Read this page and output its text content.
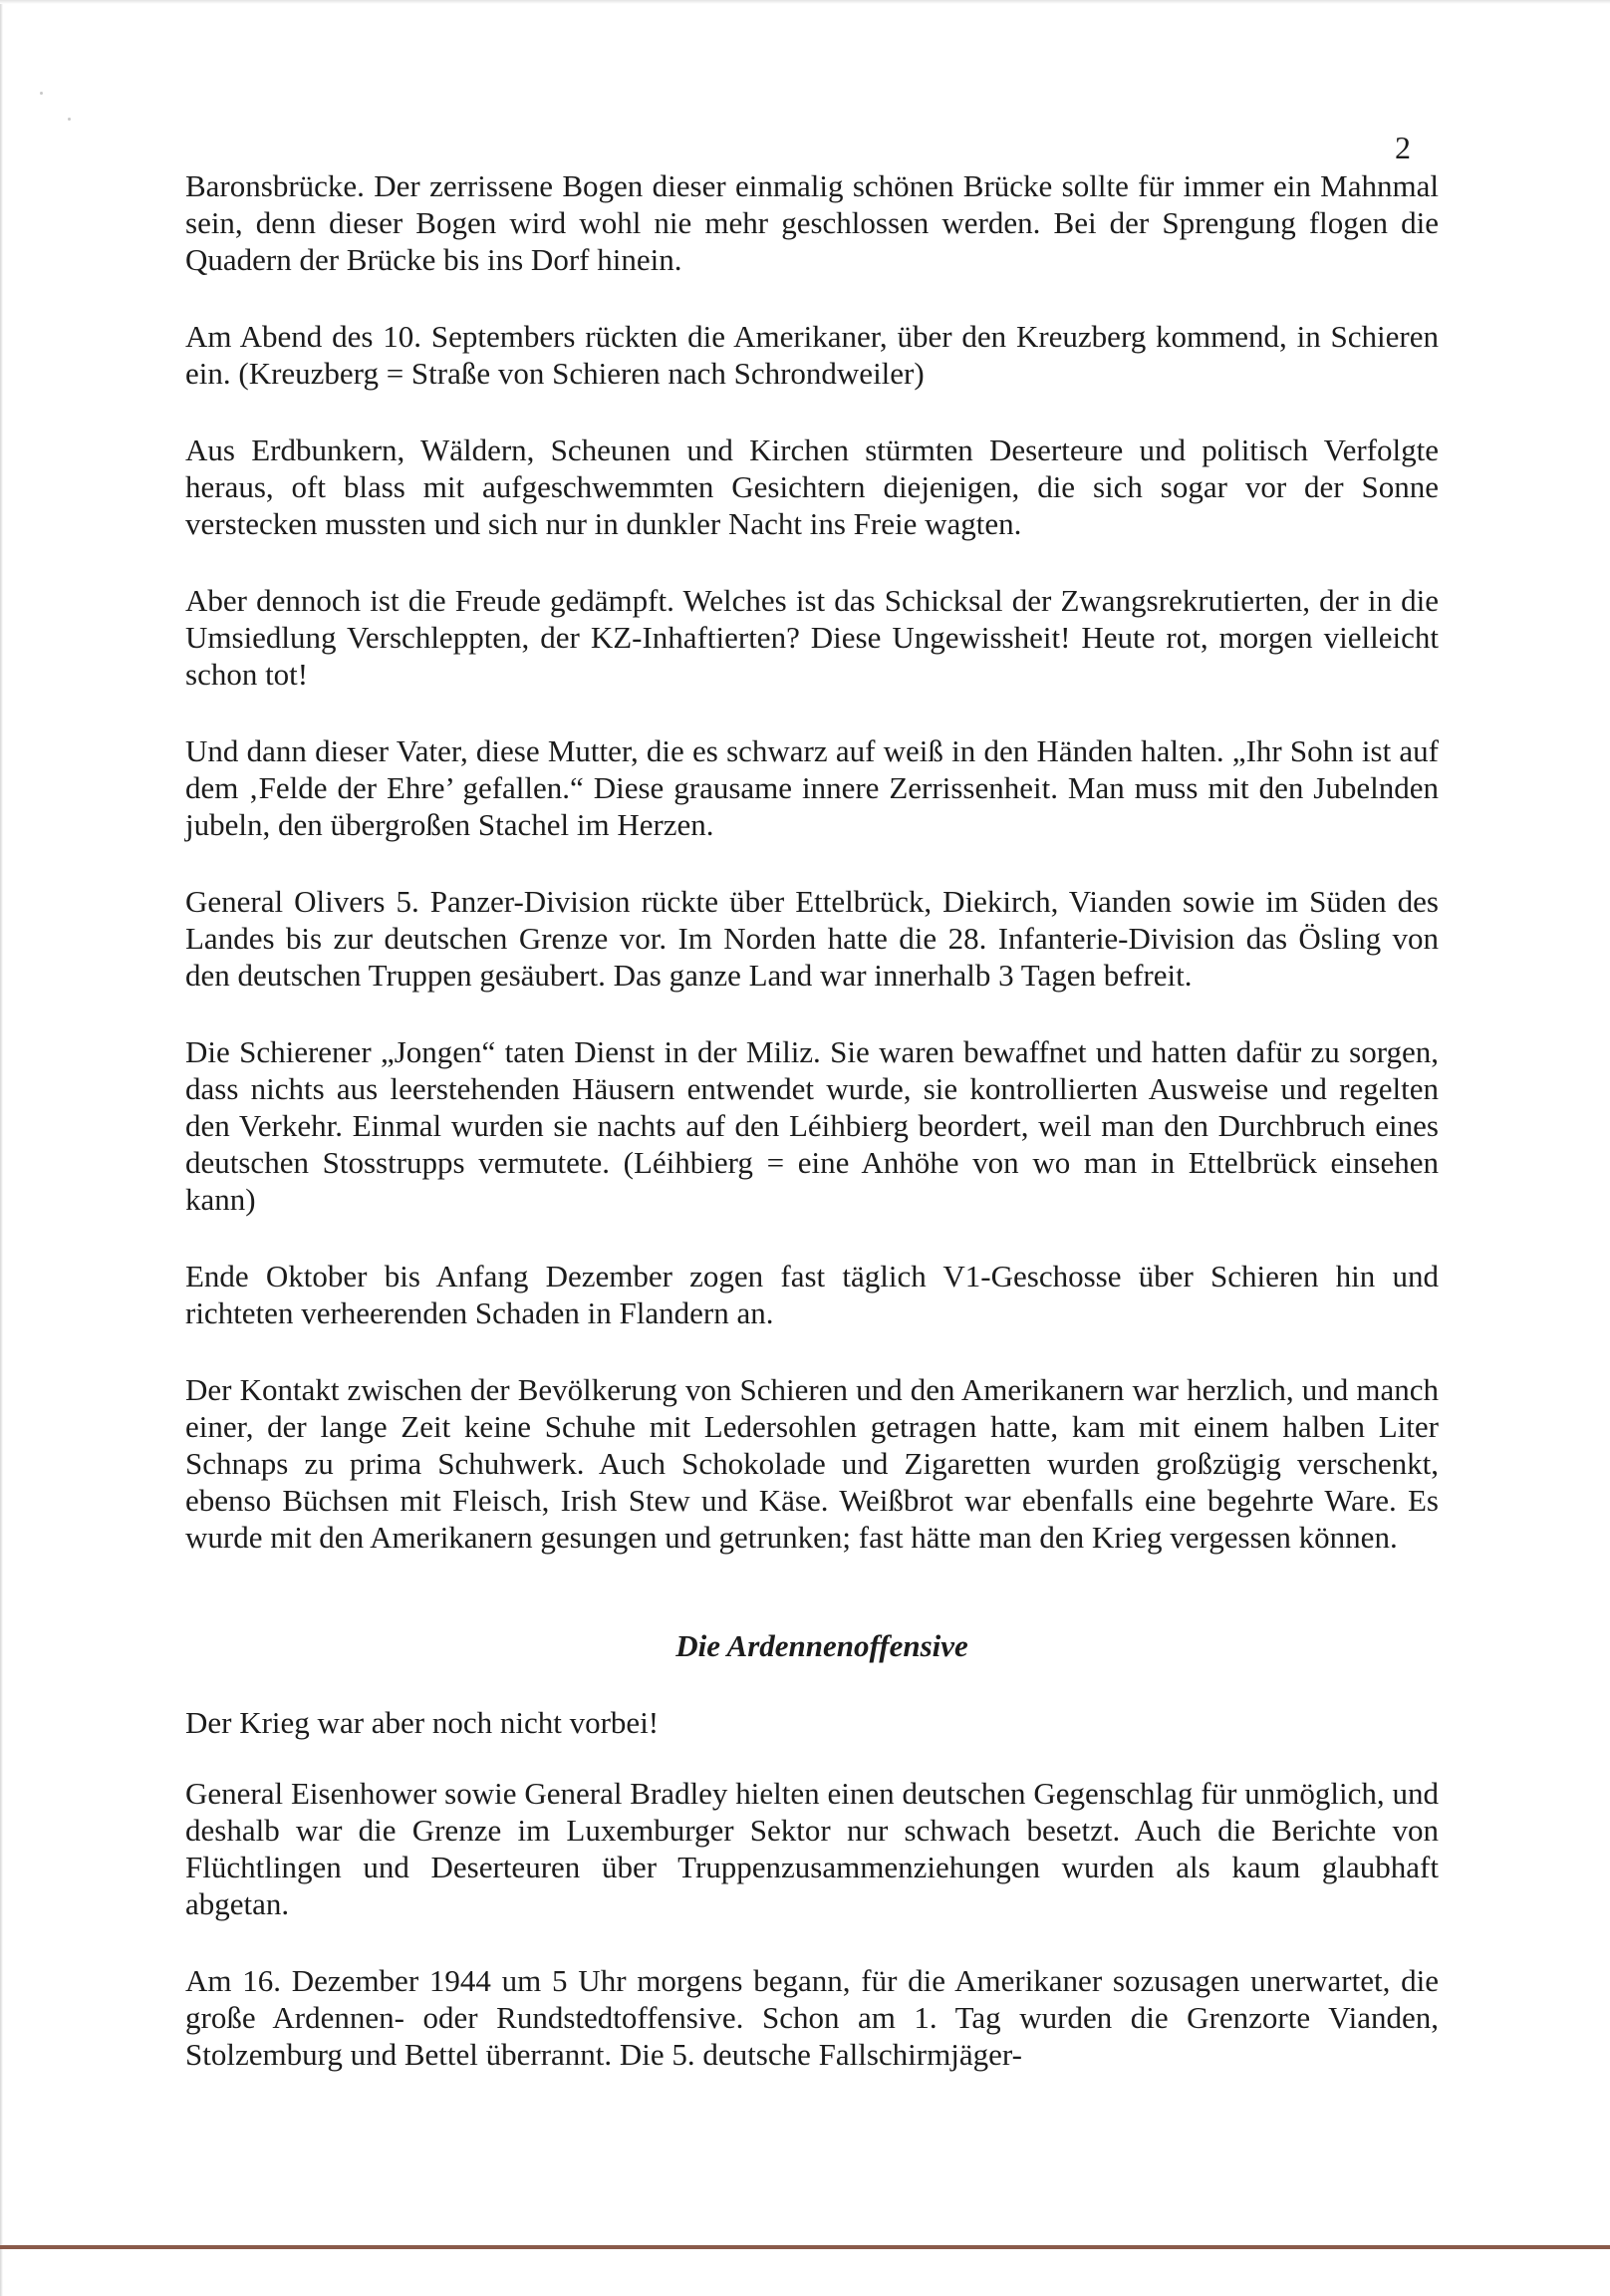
2

Baronsbrücke. Der zerrissene Bogen dieser einmalig schönen Brücke sollte für immer ein Mahnmal sein, denn dieser Bogen wird wohl nie mehr geschlossen werden. Bei der Sprengung flogen die Quadern der Brücke bis ins Dorf hinein.

Am Abend des 10. Septembers rückten die Amerikaner, über den Kreuzberg kommend, in Schieren ein. (Kreuzberg = Straße von Schieren nach Schrondweiler)

Aus Erdbunkern, Wäldern, Scheunen und Kirchen stürmten Deserteure und politisch Verfolgte heraus, oft blass mit aufgeschwemmten Gesichtern diejenigen, die sich sogar vor der Sonne verstecken mussten und sich nur in dunkler Nacht ins Freie wagten.

Aber dennoch ist die Freude gedämpft. Welches ist das Schicksal der Zwangsrekrutierten, der in die Umsiedlung Verschleppten, der KZ-Inhaftierten? Diese Ungewissheit! Heute rot, morgen vielleicht schon tot!

Und dann dieser Vater, diese Mutter, die es schwarz auf weiß in den Händen halten. „Ihr Sohn ist auf dem ‚Felde der Ehre’ gefallen.“ Diese grausame innere Zerrissenheit. Man muss mit den Jubelnden jubeln, den übergroßen Stachel im Herzen.

General Olivers 5. Panzer-Division rückte über Ettelbrück, Diekirch, Vianden sowie im Süden des Landes bis zur deutschen Grenze vor. Im Norden hatte die 28. Infanterie-Division das Ösling von den deutschen Truppen gesäubert. Das ganze Land war innerhalb 3 Tagen befreit.

Die Schierener „Jongen“ taten Dienst in der Miliz. Sie waren bewaffnet und hatten dafür zu sorgen, dass nichts aus leerstehenden Häusern entwendet wurde, sie kontrollierten Ausweise und regelten den Verkehr. Einmal wurden sie nachts auf den Léihbierg beordert, weil man den Durchbruch eines deutschen Stosstrupps vermutete. (Léihbierg = eine Anhöhe von wo man in Ettelbrück einsehen kann)

Ende Oktober bis Anfang Dezember zogen fast täglich V1-Geschosse über Schieren hin und richteten verheerenden Schaden in Flandern an.

Der Kontakt zwischen der Bevölkerung von Schieren und den Amerikanern war herzlich, und manch einer, der lange Zeit keine Schuhe mit Ledersohlen getragen hatte, kam mit einem halben Liter Schnaps zu prima Schuhwerk. Auch Schokolade und Zigaretten wurden großzügig verschenkt, ebenso Büchsen mit Fleisch, Irish Stew und Käse. Weißbrot war ebenfalls eine begehrte Ware. Es wurde mit den Amerikanern gesungen und getrunken; fast hätte man den Krieg vergessen können.

Die Ardennenoffensive

Der Krieg war aber noch nicht vorbei!

General Eisenhower sowie General Bradley hielten einen deutschen Gegenschlag für unmöglich, und deshalb war die Grenze im Luxemburger Sektor nur schwach besetzt. Auch die Berichte von Flüchtlingen und Deserteuren über Truppenzusammenziehungen wurden als kaum glaubhaft abgetan.

Am 16. Dezember 1944 um 5 Uhr morgens begann, für die Amerikaner sozusagen unerwartet, die große Ardennen- oder Rundstedtoffensive. Schon am 1. Tag wurden die Grenzorte Vianden, Stolzemburg und Bettel überrannt. Die 5. deutsche Fallschirmjäger-
